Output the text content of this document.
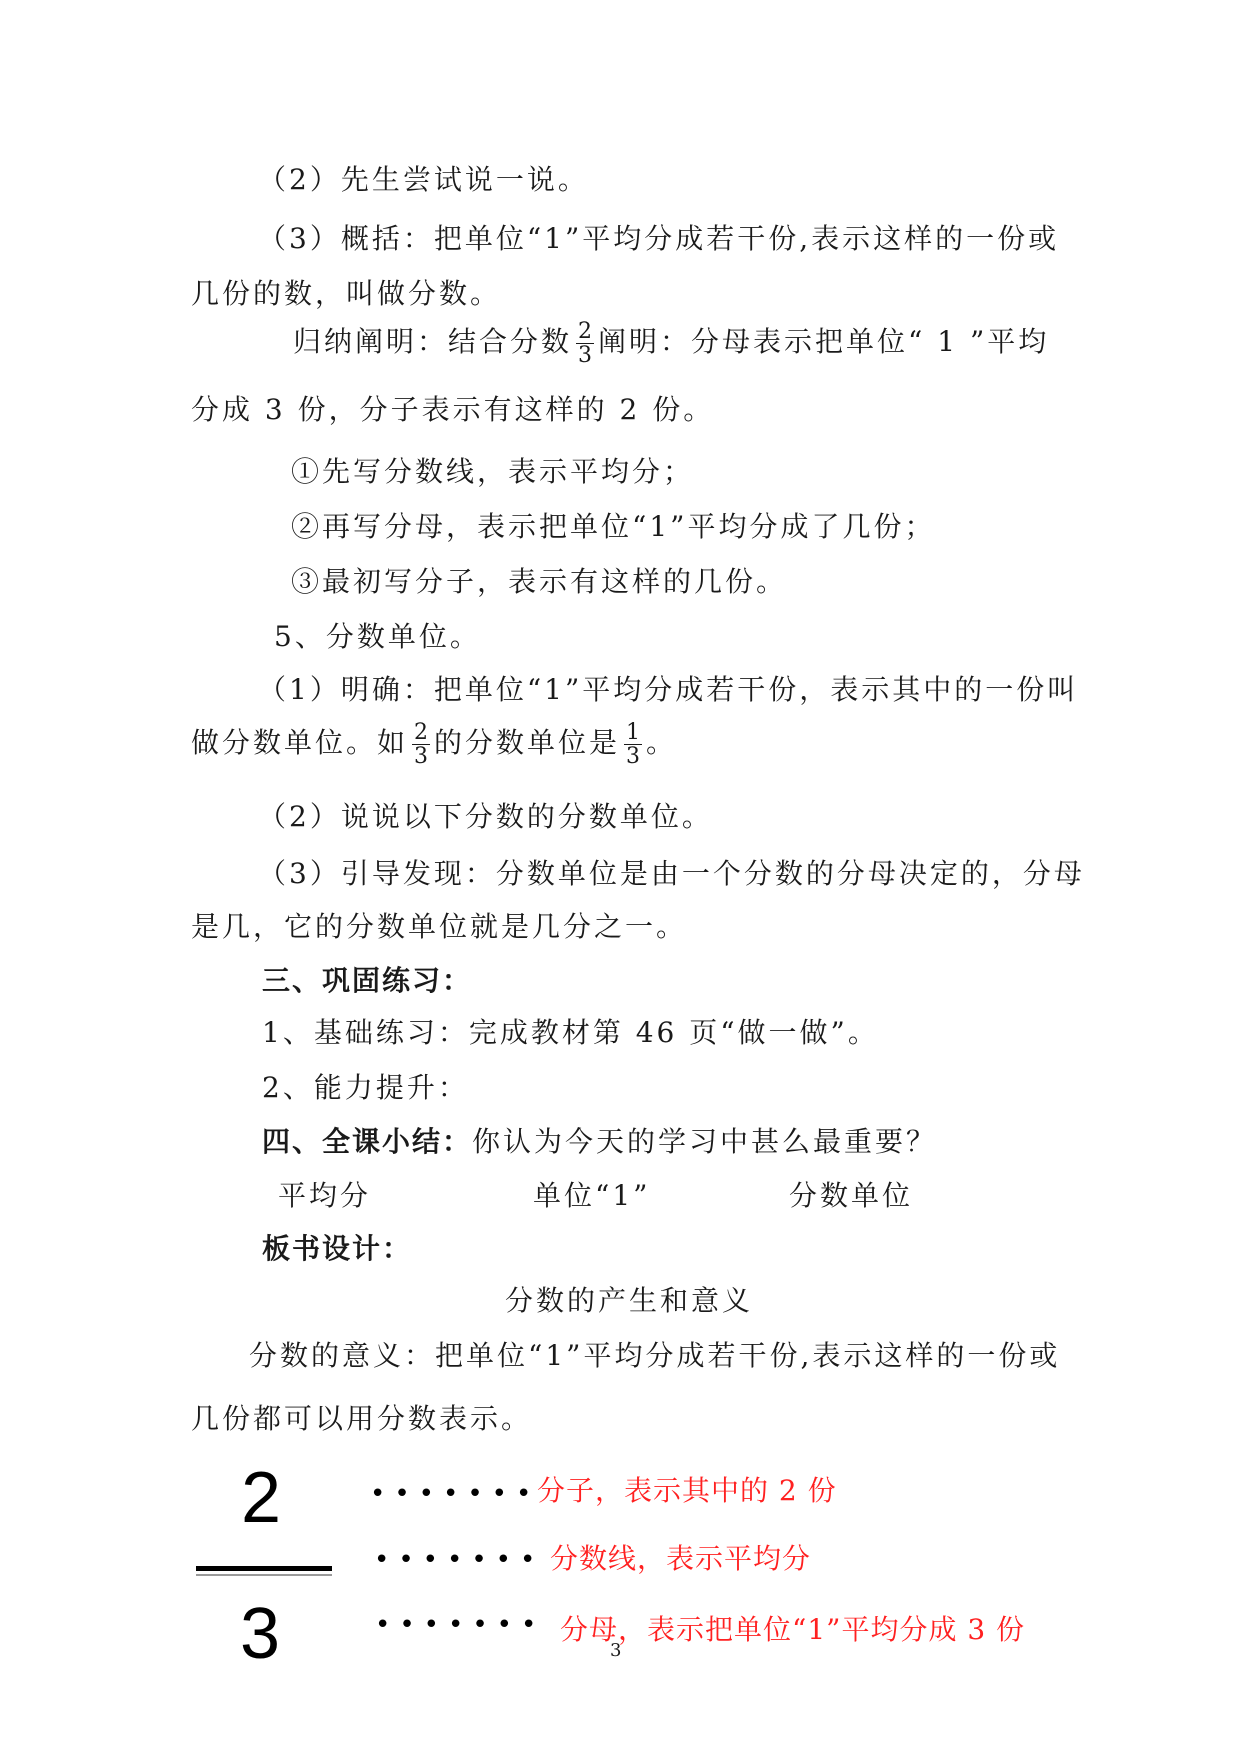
（2）先生尝试说一说。
（3）概括：把单位“1”平均分成若干份,表示这样的一份或
几份的数，叫做分数。
归纳阐明：结合分数 $\frac{2}{3}$ 阐明：分母表示把单位“ 1 ”平均
分成 3 份，分子表示有这样的 2 份。
①先写分数线，表示平均分；
②再写分母，表示把单位“1”平均分成了几份；
③最初写分子，表示有这样的几份。
5、分数单位。
（1）明确：把单位“1”平均分成若干份，表示其中的一份叫
做分数单位。如 $\frac{2}{3}$ 的分数单位是 $\frac{1}{3}$ 。
（2）说说以下分数的分数单位。
（3）引导发现：分数单位是由一个分数的分母决定的，分母
是几，它的分数单位就是几分之一。
三、巩固练习：
1、基础练习：完成教材第 46 页“做一做”。
2、能力提升：
四、全课小结：你认为今天的学习中甚么最重要？
平均分	单位“1”	分数单位
板书设计：
分数的产生和意义
分数的意义：把单位“1”平均分成若干份,表示这样的一份或
几份都可以用分数表示。
2
3
•••••••
分子，表示其中的 2 份
••••••• 分数线，表示平均分
••••••• 分母，表示把单位“1”平均分成 3 份
3
